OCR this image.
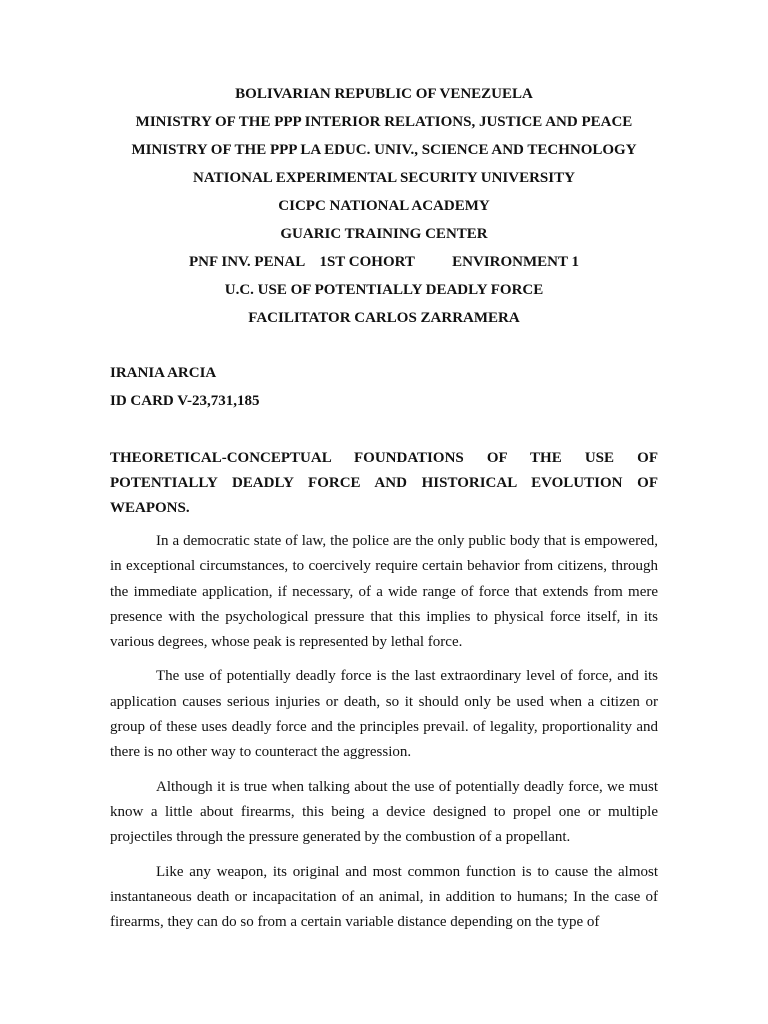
BOLIVARIAN REPUBLIC OF VENEZUELA
MINISTRY OF THE PPP INTERIOR RELATIONS, JUSTICE AND PEACE
MINISTRY OF THE PPP LA EDUC. UNIV., SCIENCE AND TECHNOLOGY
NATIONAL EXPERIMENTAL SECURITY UNIVERSITY
CICPC NATIONAL ACADEMY
GUARIC TRAINING CENTER
PNF INV. PENAL    1ST COHORT          ENVIRONMENT 1
U.C. USE OF POTENTIALLY DEADLY FORCE
FACILITATOR CARLOS ZARRAMERA
IRANIA ARCIA
ID CARD V-23,731,185
THEORETICAL-CONCEPTUAL FOUNDATIONS OF THE USE OF POTENTIALLY DEADLY FORCE AND HISTORICAL EVOLUTION OF WEAPONS.

In a democratic state of law, the police are the only public body that is empowered, in exceptional circumstances, to coercively require certain behavior from citizens, through the immediate application, if necessary, of a wide range of force that extends from mere presence with the psychological pressure that this implies to physical force itself, in its various degrees, whose peak is represented by lethal force.

The use of potentially deadly force is the last extraordinary level of force, and its application causes serious injuries or death, so it should only be used when a citizen or group of these uses deadly force and the principles prevail. of legality, proportionality and there is no other way to counteract the aggression.

Although it is true when talking about the use of potentially deadly force, we must know a little about firearms, this being a device designed to propel one or multiple projectiles through the pressure generated by the combustion of a propellant.

Like any weapon, its original and most common function is to cause the almost instantaneous death or incapacitation of an animal, in addition to humans; In the case of firearms, they can do so from a certain variable distance depending on the type of
